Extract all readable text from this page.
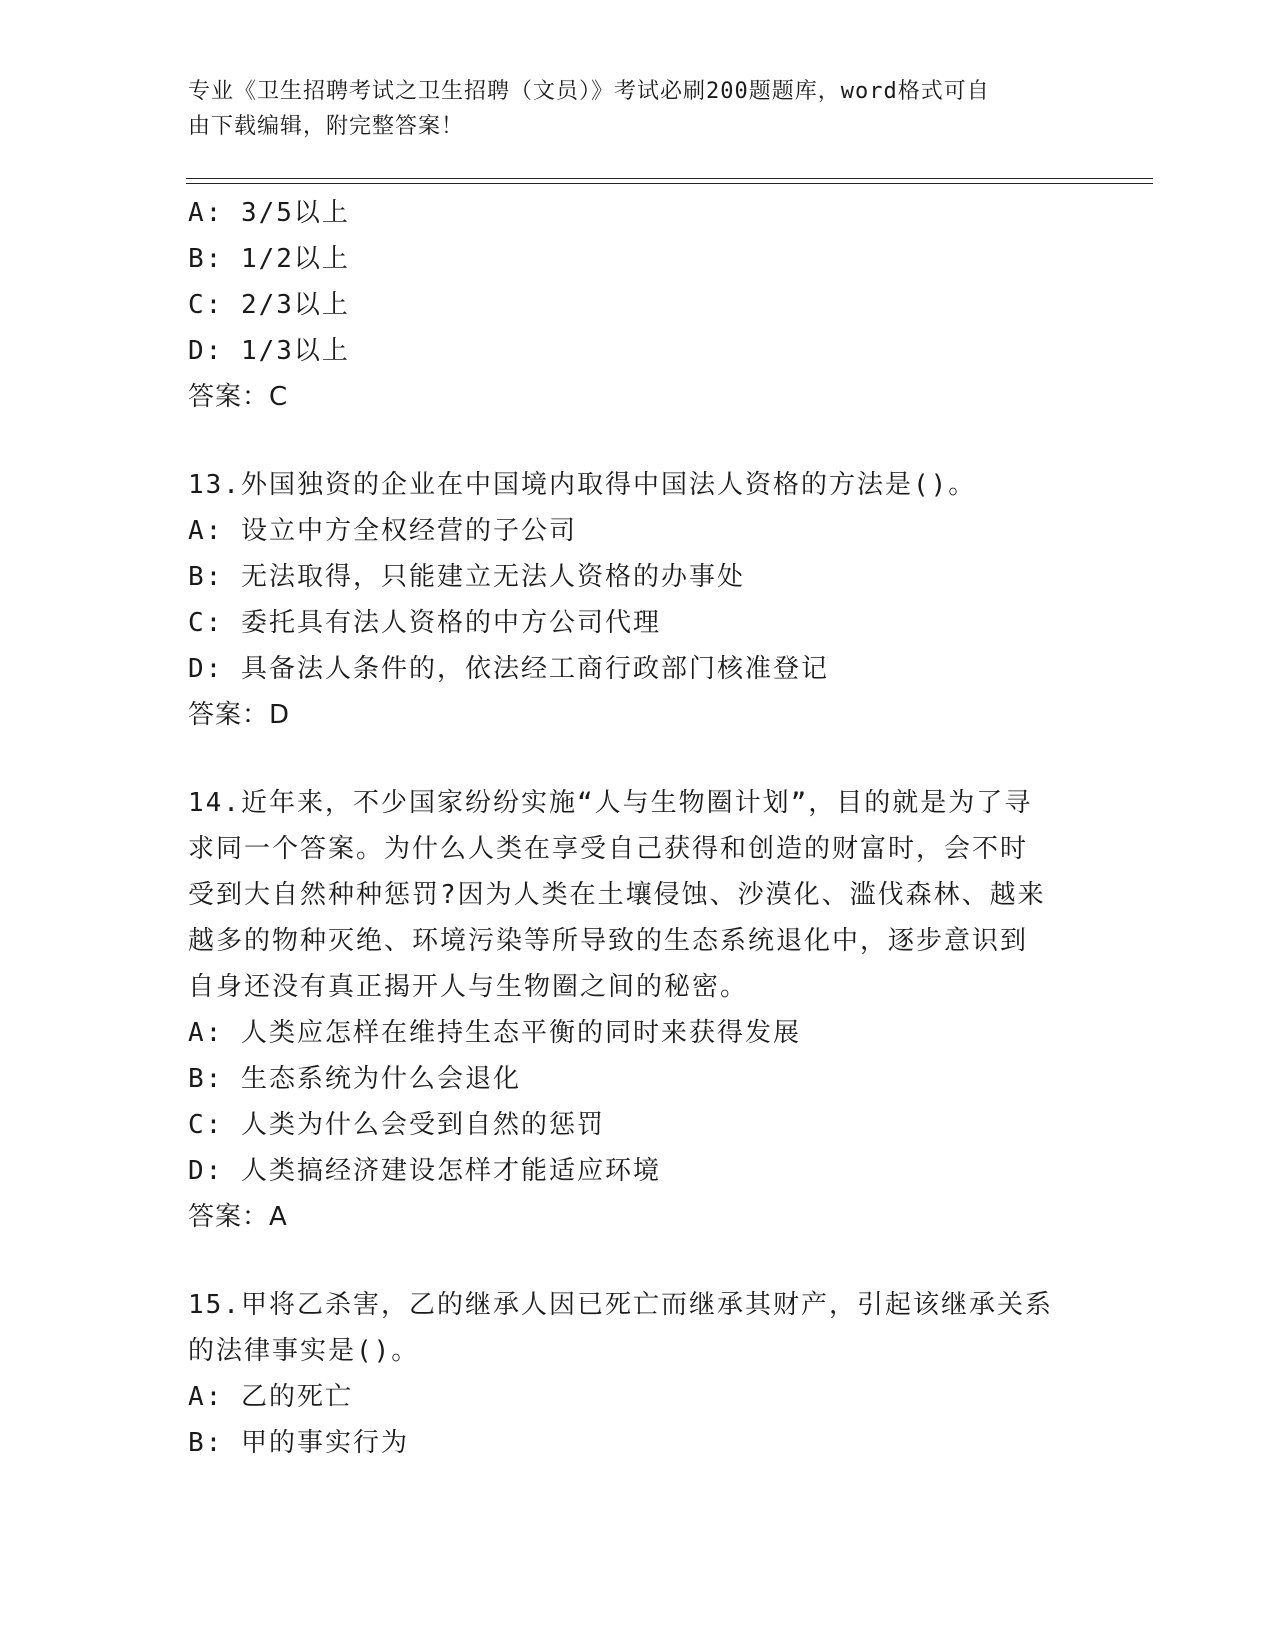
专业《卫生招聘考试之卫生招聘（文员）》考试必刷200题题库，word格式可自
由下载编辑，附完整答案！
A: 3/5以上
B: 1/2以上
C: 2/3以上
D: 1/3以上
答案：C
13.外国独资的企业在中国境内取得中国法人资格的方法是()。
A: 设立中方全权经营的子公司
B: 无法取得，只能建立无法人资格的办事处
C: 委托具有法人资格的中方公司代理
D: 具备法人条件的，依法经工商行政部门核准登记
答案：D
14.近年来，不少国家纷纷实施“人与生物圈计划”，目的就是为了寻
求同一个答案。为什么人类在享受自己获得和创造的财富时，会不时
受到大自然种种惩罚?因为人类在土壤侵蚀、沙漠化、滥伐森林、越来
越多的物种灭绝、环境污染等所导致的生态系统退化中，逐步意识到
自身还没有真正揭开人与生物圈之间的秘密。
A: 人类应怎样在维持生态平衡的同时来获得发展
B: 生态系统为什么会退化
C: 人类为什么会受到自然的惩罚
D: 人类搞经济建设怎样才能适应环境
答案：A
15.甲将乙杀害，乙的继承人因已死亡而继承其财产，引起该继承关系
的法律事实是()。
A: 乙的死亡
B: 甲的事实行为
